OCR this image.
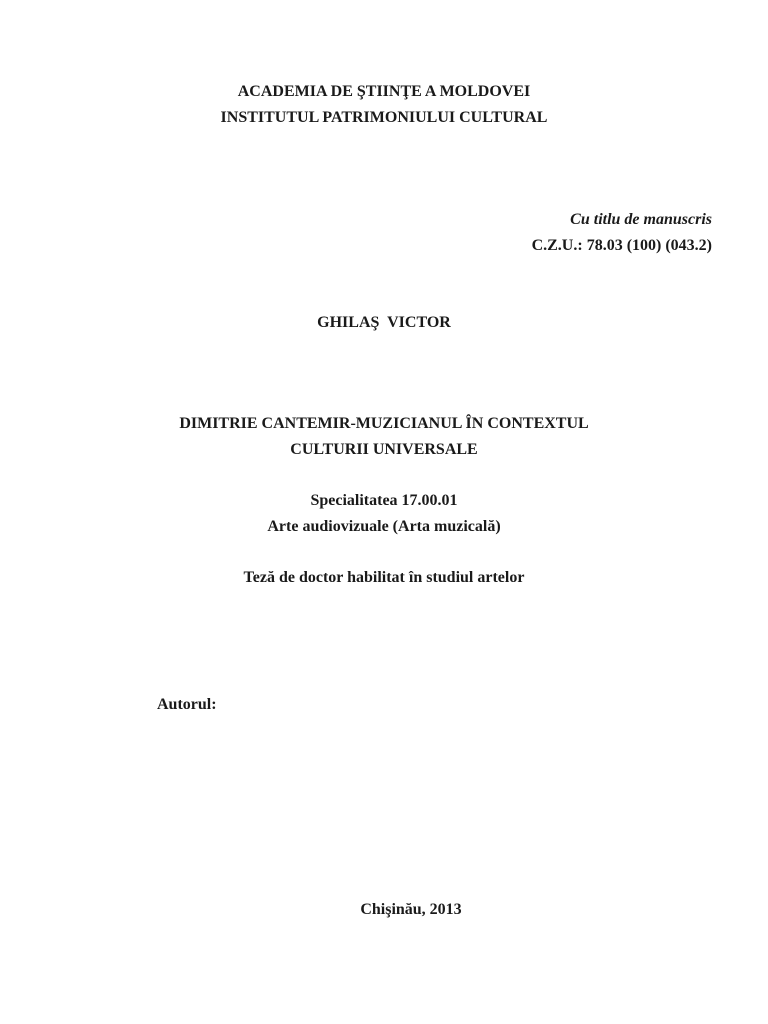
ACADEMIA DE ŞTIINŢE A MOLDOVEI
INSTITUTUL PATRIMONIULUI CULTURAL
Cu titlu de manuscris
C.Z.U.: 78.03 (100) (043.2)
GHILAŞ  VICTOR
DIMITRIE CANTEMIR-MUZICIANUL ÎN CONTEXTUL
CULTURII UNIVERSALE
Specialitatea 17.00.01
Arte audiovizuale (Arta muzicală)
Teză de doctor habilitat în studiul artelor
Autorul:
Chişinău, 2013
